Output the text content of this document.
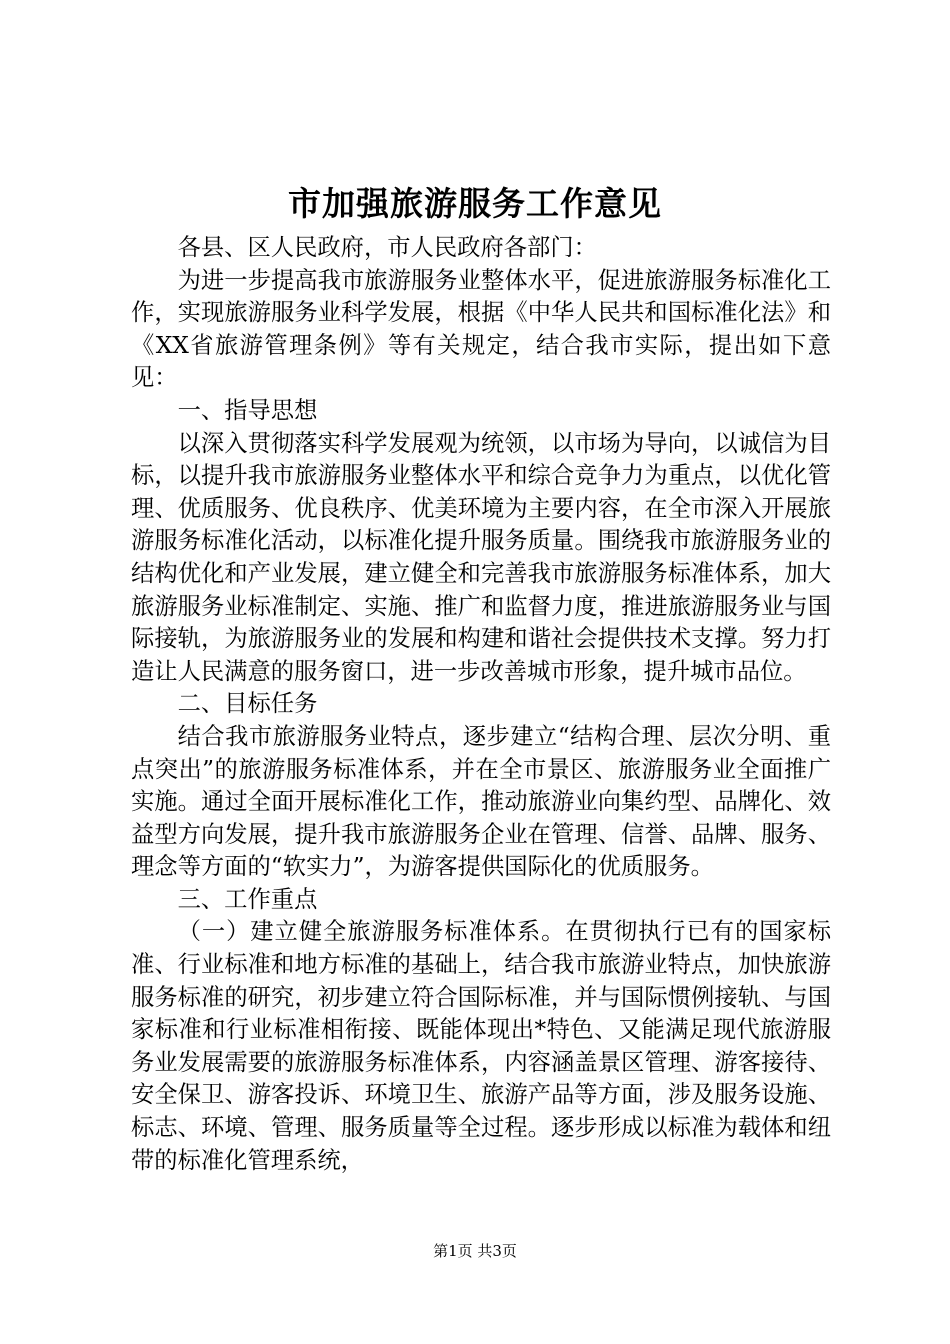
市加强旅游服务工作意见

各县、区人民政府，市人民政府各部门：

为进一步提高我市旅游服务业整体水平，促进旅游服务标准化工作，实现旅游服务业科学发展，根据《中华人民共和国标准化法》和《XX省旅游管理条例》等有关规定，结合我市实际，提出如下意见：

一、指导思想

以深入贯彻落实科学发展观为统领，以市场为导向，以诚信为目标，以提升我市旅游服务业整体水平和综合竞争力为重点，以优化管理、优质服务、优良秩序、优美环境为主要内容，在全市深入开展旅游服务标准化活动，以标准化提升服务质量。围绕我市旅游服务业的结构优化和产业发展，建立健全和完善我市旅游服务标准体系，加大旅游服务业标准制定、实施、推广和监督力度，推进旅游服务业与国际接轨，为旅游服务业的发展和构建和谐社会提供技术支撑。努力打造让人民满意的服务窗口，进一步改善城市形象，提升城市品位。

二、目标任务

结合我市旅游服务业特点，逐步建立“结构合理、层次分明、重点突出”的旅游服务标准体系，并在全市景区、旅游服务业全面推广实施。通过全面开展标准化工作，推动旅游业向集约型、品牌化、效益型方向发展，提升我市旅游服务企业在管理、信誉、品牌、服务、理念等方面的“软实力”，为游客提供国际化的优质服务。

三、工作重点

（一）建立健全旅游服务标准体系。在贯彻执行已有的国家标准、行业标准和地方标准的基础上，结合我市旅游业特点，加快旅游服务标准的研究，初步建立符合国际标准，并与国际惯例接轨、与国家标准和行业标准相衔接、既能体现出*特色、又能满足现代旅游服务业发展需要的旅游服务标准体系，内容涵盖景区管理、游客接待、安全保卫、游客投诉、环境卫生、旅游产品等方面，涉及服务设施、标志、环境、管理、服务质量等全过程。逐步形成以标准为载体和纽带的标准化管理系统，

第1页 共3页
